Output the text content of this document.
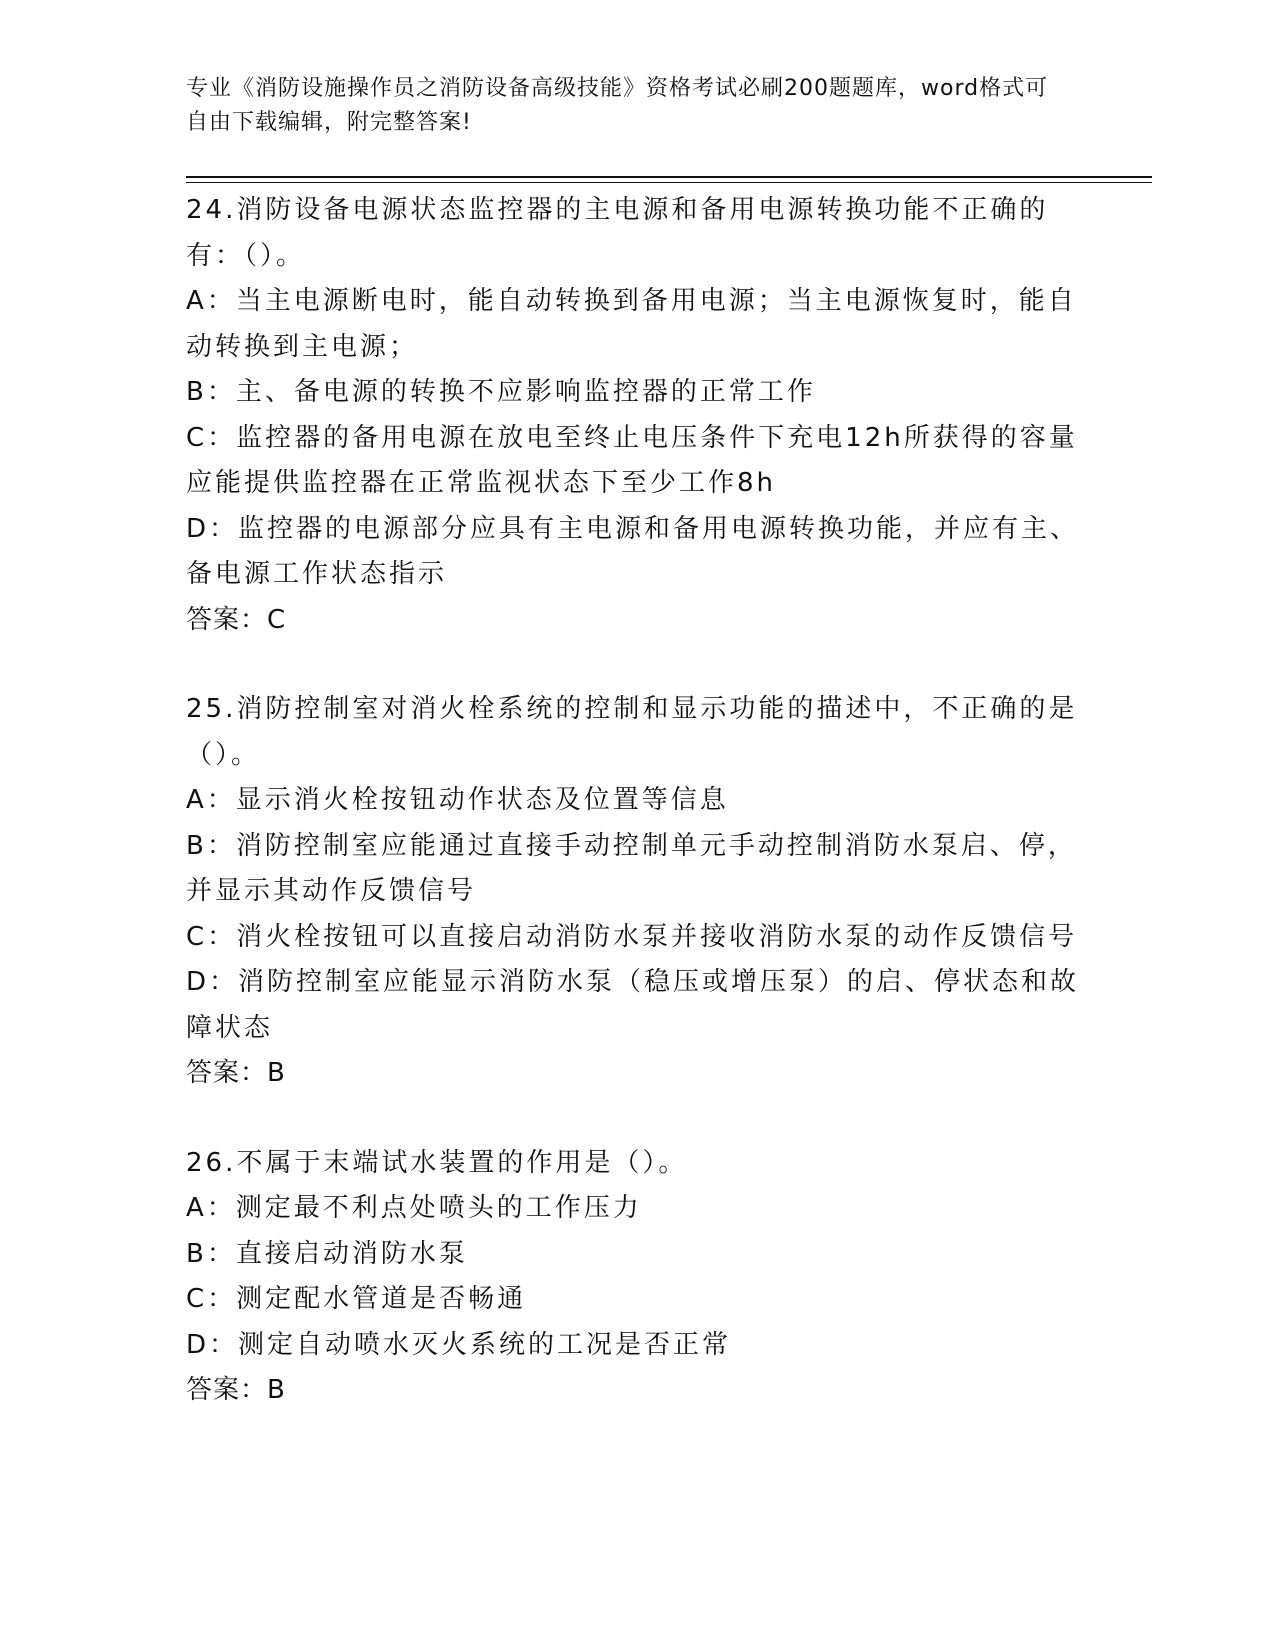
专业《消防设施操作员之消防设备高级技能》资格考试必刷200题题库，word格式可自由下载编辑，附完整答案!
24.消防设备电源状态监控器的主电源和备用电源转换功能不正确的有：（）。
A：当主电源断电时，能自动转换到备用电源；当主电源恢复时，能自动转换到主电源；
B：主、备电源的转换不应影响监控器的正常工作
C：监控器的备用电源在放电至终止电压条件下充电12h所获得的容量应能提供监控器在正常监视状态下至少工作8h
D：监控器的电源部分应具有主电源和备用电源转换功能，并应有主、备电源工作状态指示
答案：C
25.消防控制室对消火栓系统的控制和显示功能的描述中，不正确的是（）。
A：显示消火栓按钮动作状态及位置等信息
B：消防控制室应能通过直接手动控制单元手动控制消防水泵启、停，并显示其动作反馈信号
C：消火栓按钮可以直接启动消防水泵并接收消防水泵的动作反馈信号
D：消防控制室应能显示消防水泵（稳压或增压泵）的启、停状态和故障状态
答案：B
26.不属于末端试水装置的作用是（）。
A：测定最不利点处喷头的工作压力
B：直接启动消防水泵
C：测定配水管道是否畅通
D：测定自动喷水灭火系统的工况是否正常
答案：B
